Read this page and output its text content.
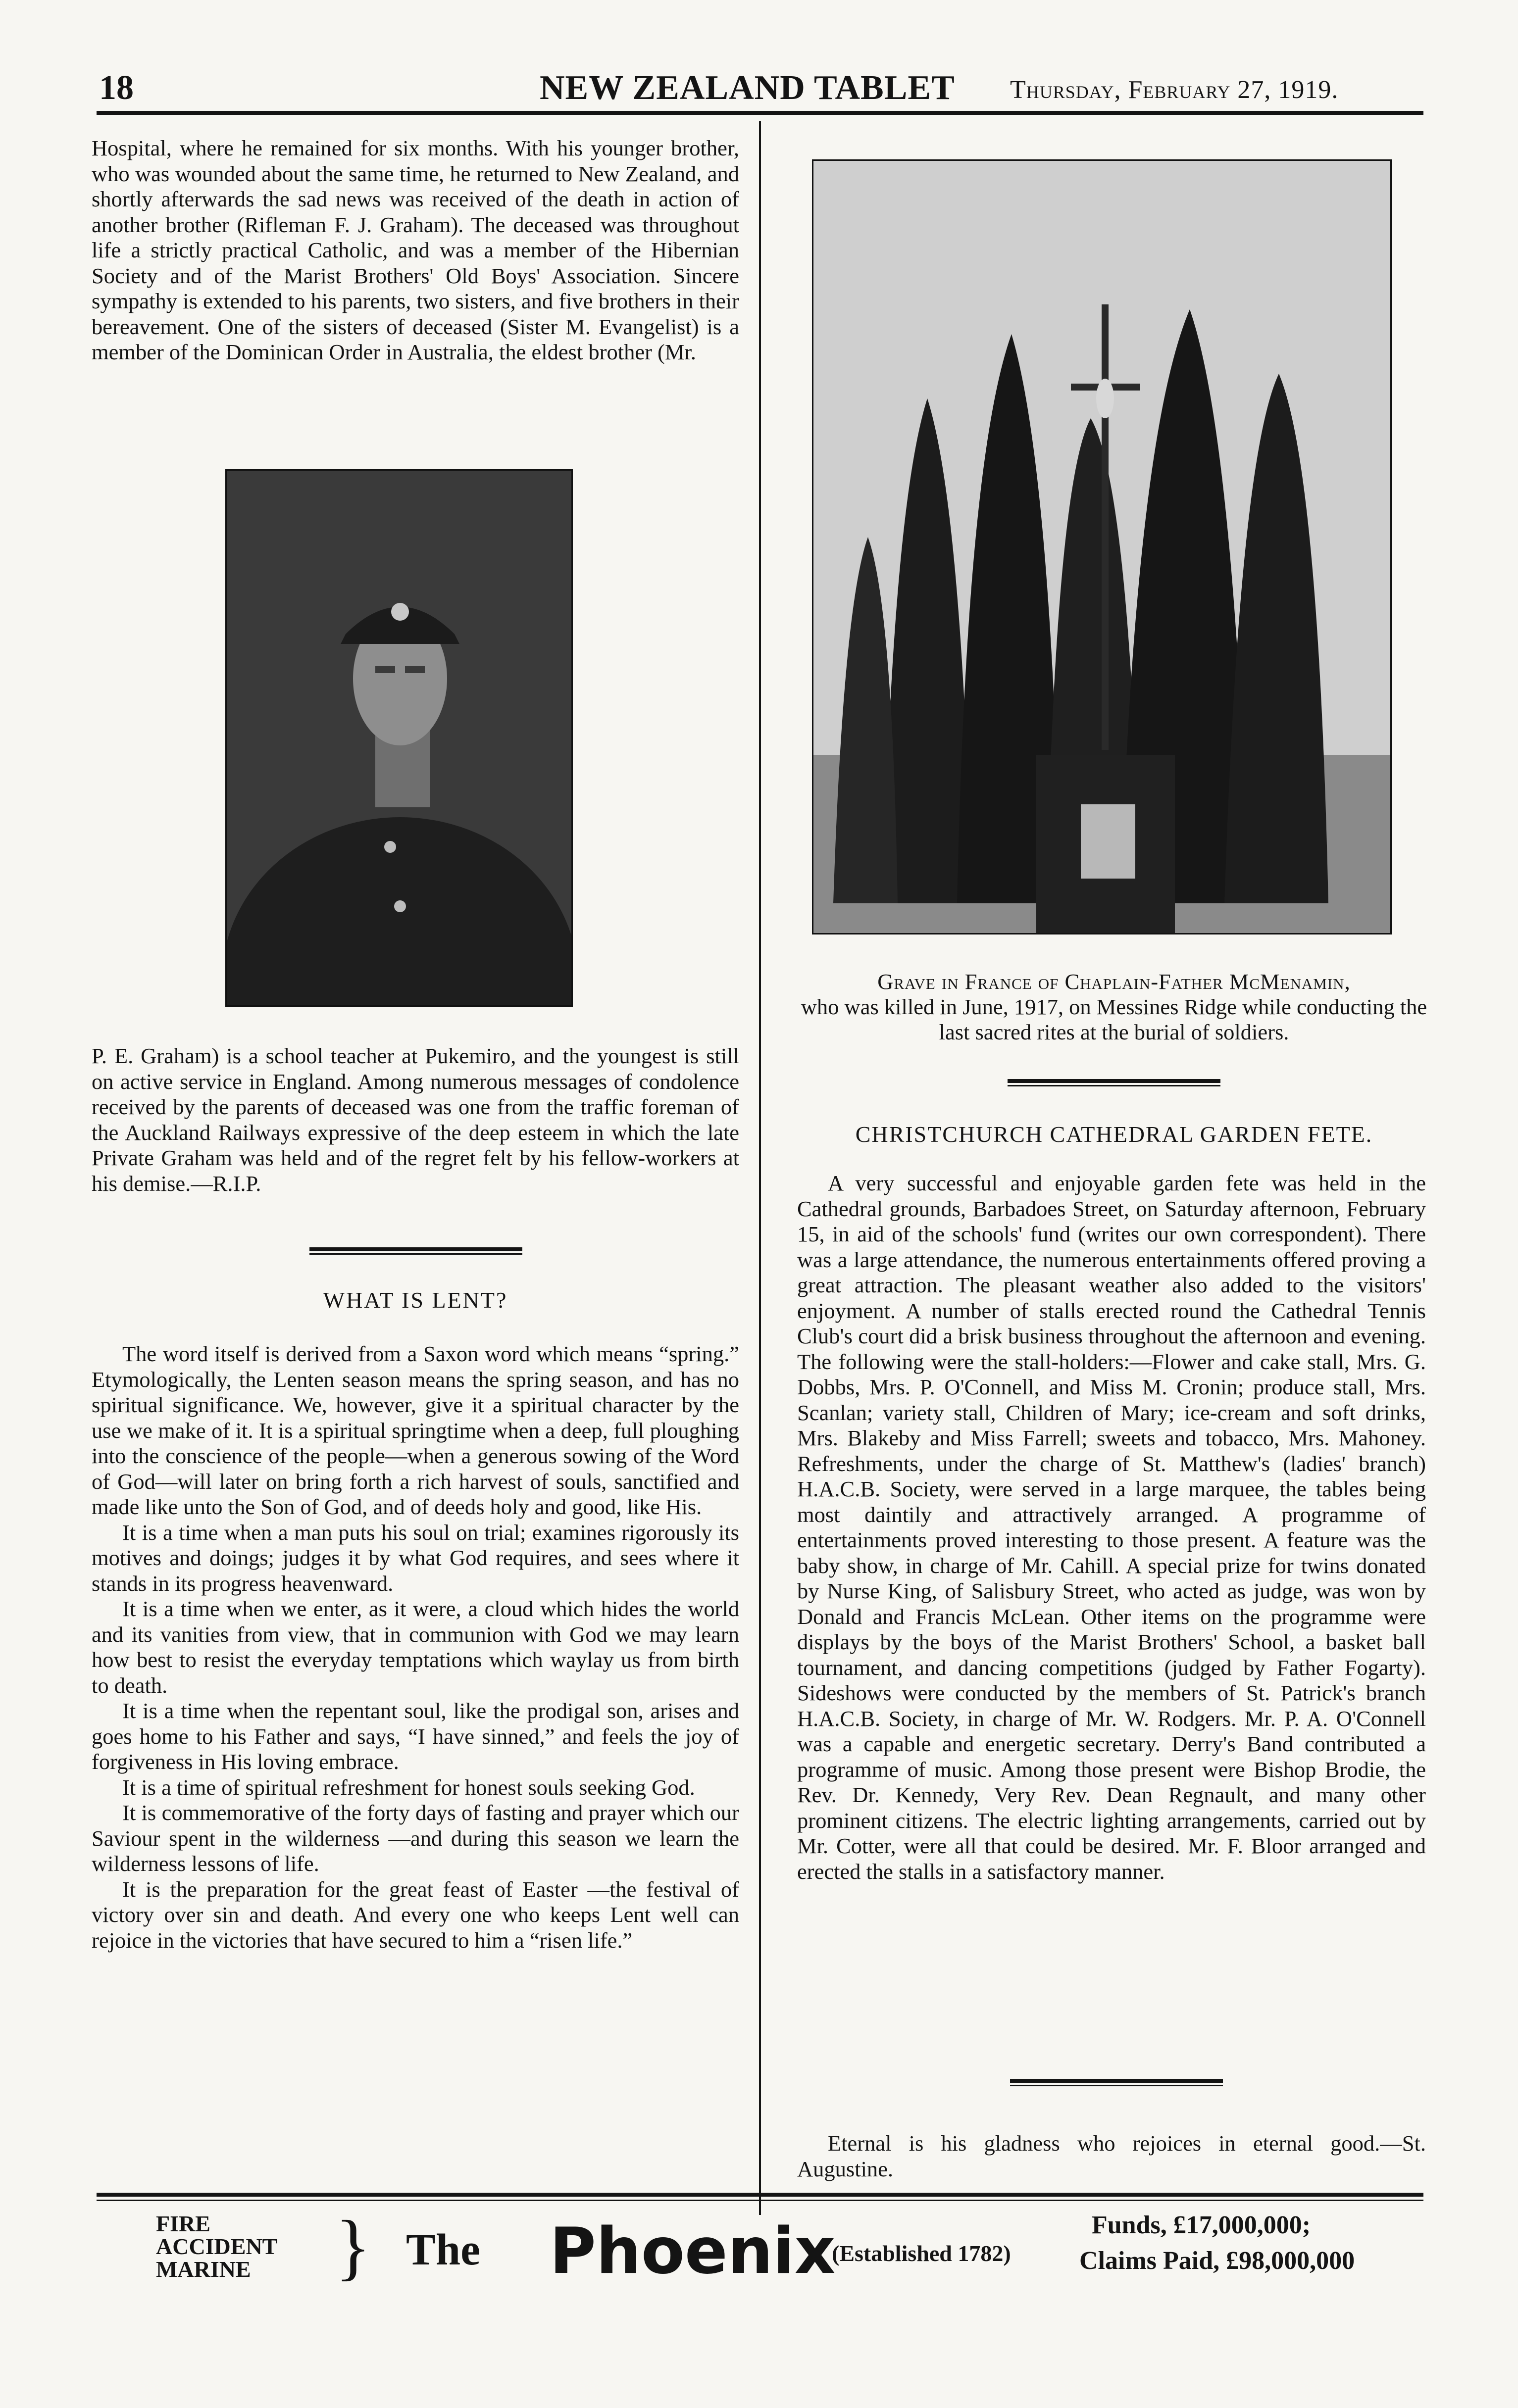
18	NEW ZEALAND TABLET Thursday, February 27, 1919.

Hospital, where he remained for six months. With his younger brother, who was wounded about the same time, he returned to New Zealand, and shortly afterwards the sad news was received of the death in action of another brother (Rifleman F. J. Graham). The deceased was throughout life a strictly practical Catholic, and was a member of the Hibernian Society and of the Marist Brothers' Old Boys' Association. Sincere sympathy is extended to his parents, two sisters, and five brothers in their bereavement. One of the sisters of deceased (Sister M. Evangelist) is a member of the Dominican Order in Australia, the eldest brother (Mr.

P. E. Graham) is a school teacher at Pukemiro, and the youngest is still on active service in England. Among numerous messages of condolence received by the parents of deceased was one from the traffic foreman of the Auckland Railways expressive of the deep esteem in which the late Private Graham was held and of the regret felt by his fellow-workers at his demise.—R.I.P.

WHAT IS LENT?

The word itself is derived from a Saxon word which means “spring.” Etymologically, the Lenten season means the spring season, and has no spiritual significance. We, however, give it a spiritual character by the use we make of it. It is a spiritual springtime when a deep, full ploughing into the conscience of the people—when a generous sowing of the Word of God—will later on bring forth a rich harvest of souls, sanctified and made like unto the Son of God, and of deeds holy and good, like His.

It is a time when a man puts his soul on trial; examines rigorously its motives and doings; judges it by what God requires, and sees where it stands in its progress heavenward.

It is a time when we enter, as it were, a cloud which hides the world and its vanities from view, that in communion with God we may learn how best to resist the everyday temptations which waylay us from birth to death.

It is a time when the repentant soul, like the prodigal son, arises and goes home to his Father and says, “I have sinned,” and feels the joy of forgiveness in His loving embrace.

It is a time of spiritual refreshment for honest souls seeking God.

It is commemorative of the forty days of fasting and prayer which our Saviour spent in the wilderness —and during this season we learn the wilderness lessons of life.

It is the preparation for the great feast of Easter —the festival of victory over sin and death. And every one who keeps Lent well can rejoice in the victories that have secured to him a “risen life.”

Grave in France of Chaplain-Father McMenamin,
who was killed in June, 1917, on Messines Ridge while conducting the last sacred rites at the burial of soldiers.
CHRISTCHURCH CATHEDRAL GARDEN FETE.

A very successful and enjoyable garden fete was held in the Cathedral grounds, Barbadoes Street, on Saturday afternoon, February 15, in aid of the schools' fund (writes our own correspondent). There was a large attendance, the numerous entertainments offered proving a great attraction. The pleasant weather also added to the visitors' enjoyment. A number of stalls erected round the Cathedral Tennis Club's court did a brisk business throughout the afternoon and evening. The following were the stall-holders:—Flower and cake stall, Mrs. G. Dobbs, Mrs. P. O'Connell, and Miss M. Cronin; produce stall, Mrs. Scanlan; variety stall, Children of Mary; ice-cream and soft drinks, Mrs. Blakeby and Miss Farrell; sweets and tobacco, Mrs. Mahoney. Refreshments, under the charge of St. Matthew's (ladies' branch) H.A.C.B. Society, were served in a large marquee, the tables being most daintily and attractively arranged. A programme of entertainments proved interesting to those present. A feature was the baby show, in charge of Mr. Cahill. A special prize for twins donated by Nurse King, of Salisbury Street, who acted as judge, was won by Donald and Francis McLean. Other items on the programme were displays by the boys of the Marist Brothers' School, a basket ball tournament, and dancing competitions (judged by Father Fogarty). Sideshows were conducted by the members of St. Patrick's branch H.A.C.B. Society, in charge of Mr. W. Rodgers. Mr. P. A. O'Connell was a capable and energetic secretary. Derry's Band contributed a programme of music. Among those present were Bishop Brodie, the Rev. Dr. Kennedy, Very Rev. Dean Regnault, and many other prominent citizens. The electric lighting arrangements, carried out by Mr. Cotter, were all that could be desired. Mr. F. Bloor arranged and erected the stalls in a satisfactory manner.

Eternal is his gladness who rejoices in eternal good.—St. Augustine.

FIRE
ACCIDENT
MARINE	} The Phoenix
(Established 1782)
Funds, £17,000,000;
Claims Paid, £98,000,000
